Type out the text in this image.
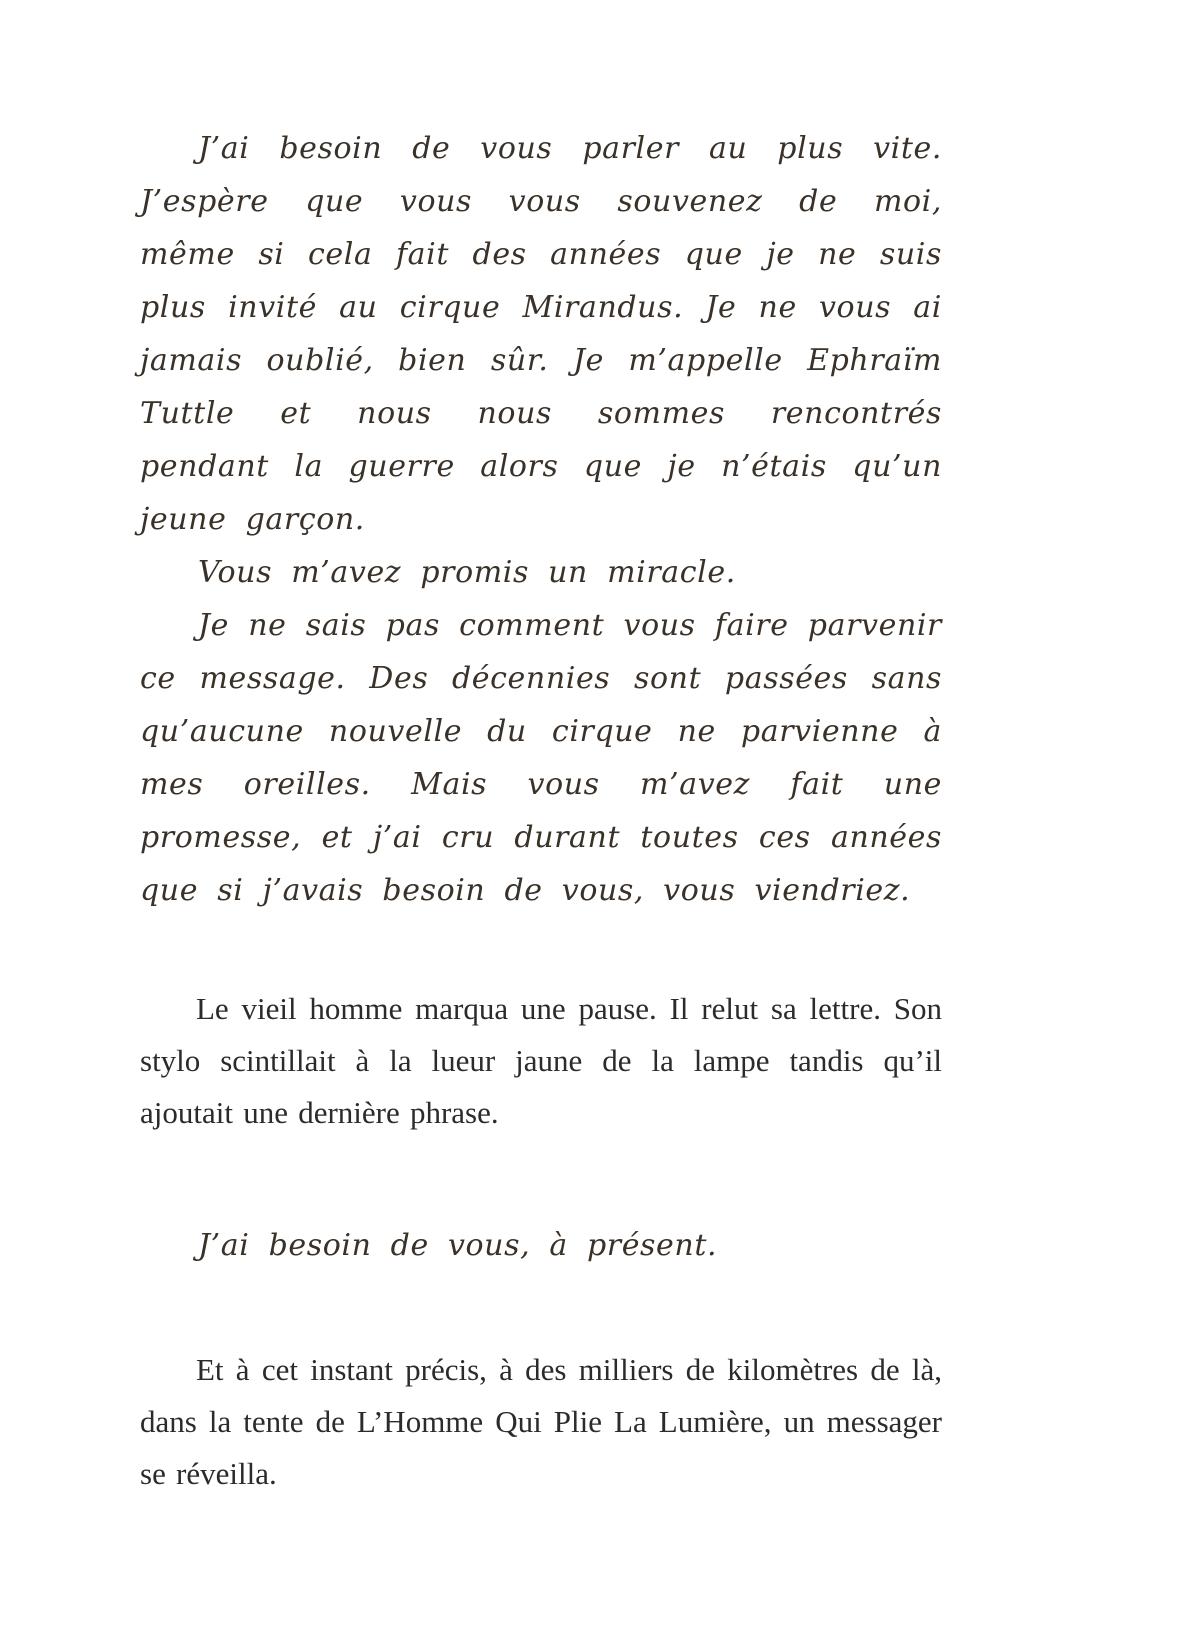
J’ai besoin de vous parler au plus vite. J’espère que vous vous souvenez de moi, même si cela fait des années que je ne suis plus invité au cirque Mirandus. Je ne vous ai jamais oublié, bien sûr. Je m’appelle Ephraïm Tuttle et nous nous sommes rencontrés pendant la guerre alors que je n’étais qu’un jeune garçon.

Vous m’avez promis un miracle.

Je ne sais pas comment vous faire parvenir ce message. Des décennies sont passées sans qu’aucune nouvelle du cirque ne parvienne à mes oreilles. Mais vous m’avez fait une promesse, et j’ai cru durant toutes ces années que si j’avais besoin de vous, vous viendriez.

Le vieil homme marqua une pause. Il relut sa lettre. Son stylo scintillait à la lueur jaune de la lampe tandis qu’il ajoutait une dernière phrase.

J’ai besoin de vous, à présent.

Et à cet instant précis, à des milliers de kilomètres de là, dans la tente de L’Homme Qui Plie La Lumière, un messager se réveilla.
